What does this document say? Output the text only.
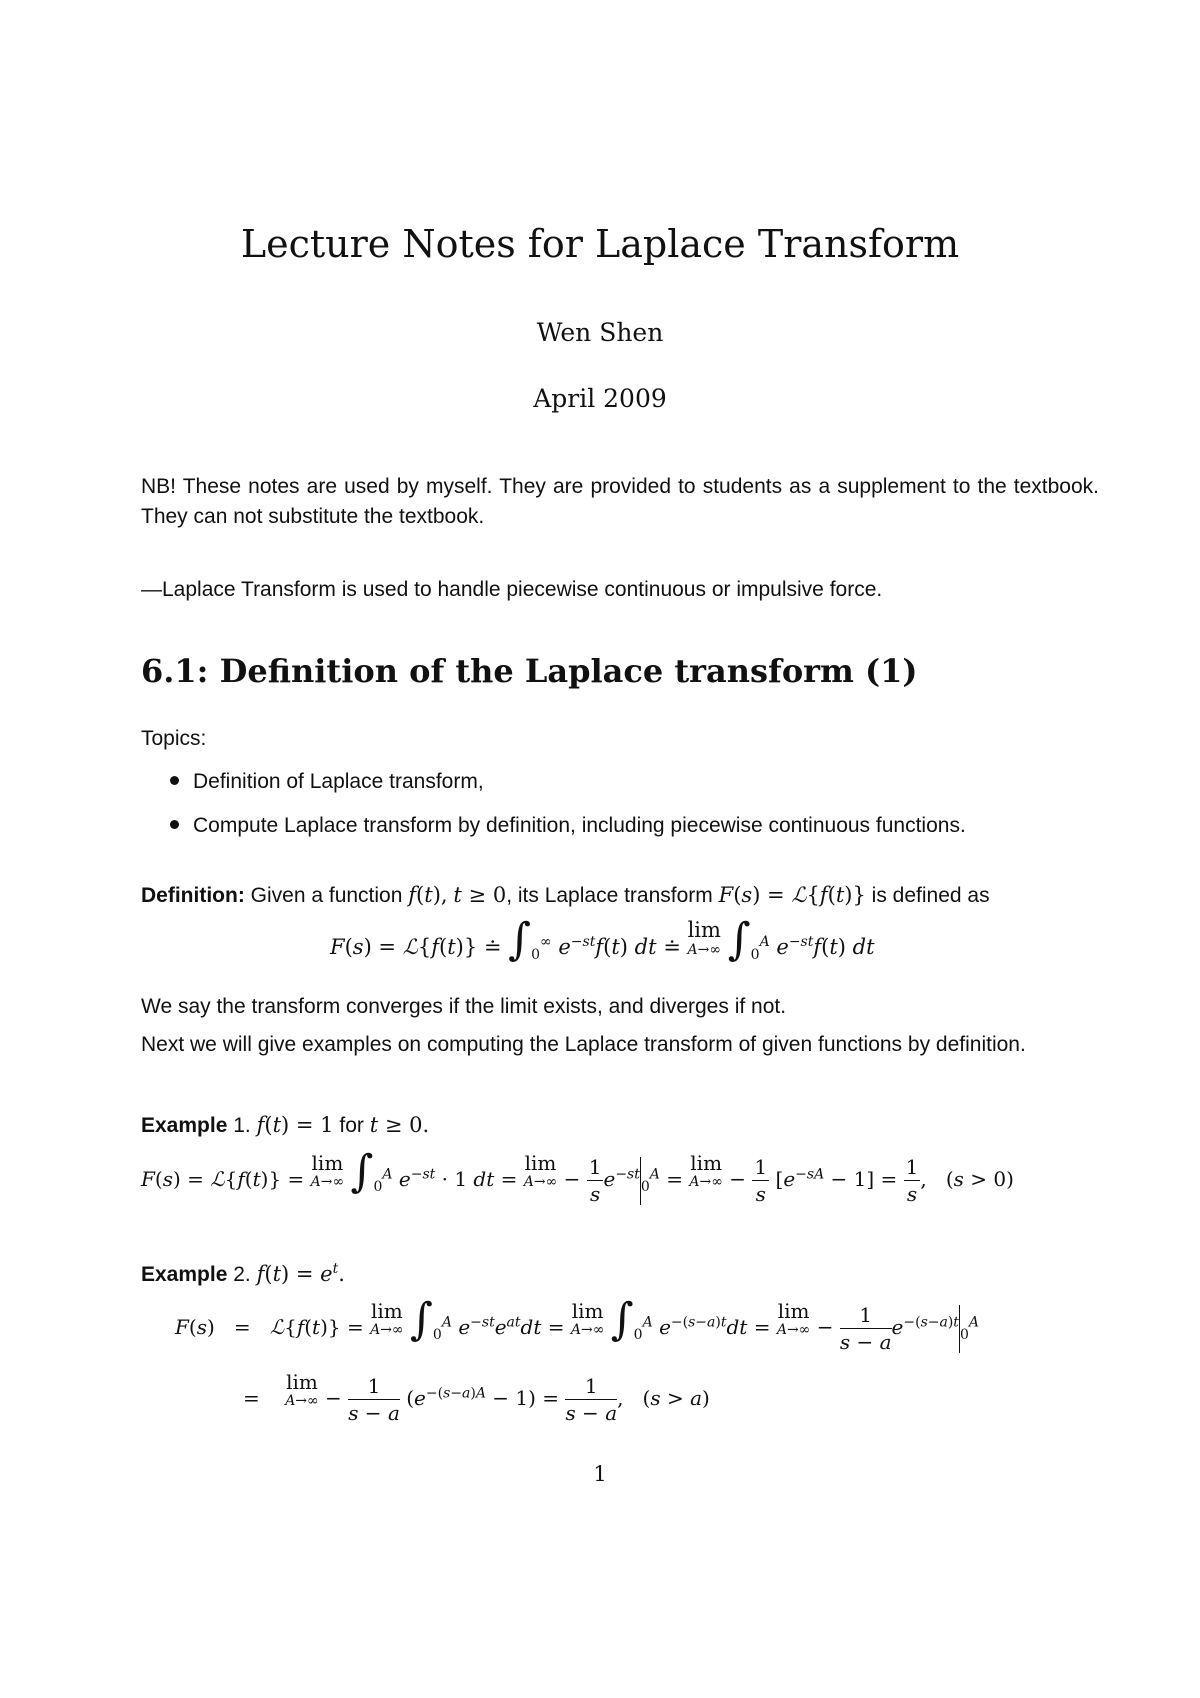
Lecture Notes for Laplace Transform
Wen Shen
April 2009
NB! These notes are used by myself. They are provided to students as a supplement to the textbook. They can not substitute the textbook.
—Laplace Transform is used to handle piecewise continuous or impulsive force.
6.1: Definition of the Laplace transform (1)
Topics:
Definition of Laplace transform,
Compute Laplace transform by definition, including piecewise continuous functions.
Definition: Given a function f(t), t ≥ 0, its Laplace transform F(s) = ℒ{f(t)} is defined as
F(s) = ℒ{f(t)} ≐ $\int_0^\infty$ $e^{-st}f(t)$ dt ≐ lim
A→∞ $\int_0^A$ $e^{-st}f(t)$ dt
We say the transform converges if the limit exists, and diverges if not.
Next we will give examples on computing the Laplace transform of given functions by definition.
Example 1. f(t) = 1 for t ≥ 0.
F(s) = ℒ{f(t)} = lim
A→∞ $\int_0^A$ $e^{-st} \cdot 1$ dt = lim
$A\to\infty - \frac{1}{s} e^{-st}_0^A = \lim$
$A\to\infty - \frac{1}{s} [e^{-sA} - 1] = \frac{1}{s}$ ,   (s > 0)
Example 2. $f(t) = e^t$.
F(s)   =   ℒ{f(t)} = lim
A→∞ $\int_0^A$ $e^{-st}e^{at}dt = \lim$
A→∞ $\int_0^A$ $e^{-(s-a)t}dt = \lim$
$A\to\infty - \frac{1}{s - a} e^{-(s-a)t}_0^A$
=    lim
$A\to\infty - \frac{1}{s - a} (e^{-(s-a)A} - 1) = \frac{1}{s - a}$ ,   (s > a)
1
